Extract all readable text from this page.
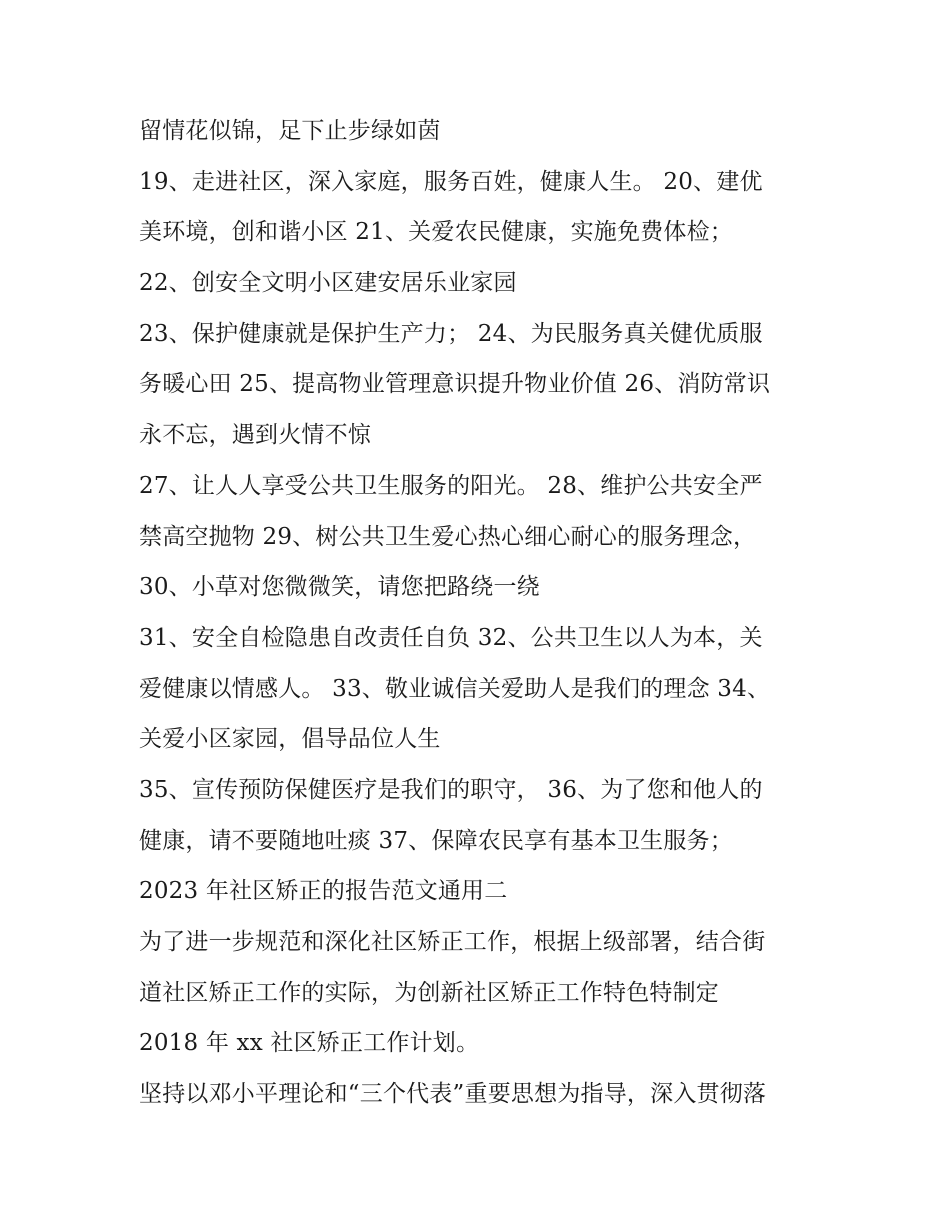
留情花似锦，足下止步绿如茵
19、走进社区，深入家庭，服务百姓，健康人生。 20、建优
美环境，创和谐小区 21、关爱农民健康，实施免费体检；
22、创安全文明小区建安居乐业家园
23、保护健康就是保护生产力； 24、为民服务真关健优质服
务暖心田 25、提高物业管理意识提升物业价值 26、消防常识
永不忘，遇到火情不惊
27、让人人享受公共卫生服务的阳光。 28、维护公共安全严
禁高空抛物 29、树公共卫生爱心热心细心耐心的服务理念，
30、小草对您微微笑，请您把路绕一绕
31、安全自检隐患自改责任自负 32、公共卫生以人为本，关
爱健康以情感人。 33、敬业诚信关爱助人是我们的理念 34、
关爱小区家园，倡导品位人生
35、宣传预防保健医疗是我们的职守， 36、为了您和他人的
健康，请不要随地吐痰 37、保障农民享有基本卫生服务；
2023 年社区矫正的报告范文通用二
为了进一步规范和深化社区矫正工作，根据上级部署，结合街
道社区矫正工作的实际，为创新社区矫正工作特色特制定
2018 年 xx 社区矫正工作计划。
坚持以邓小平理论和“三个代表”重要思想为指导，深入贯彻落
